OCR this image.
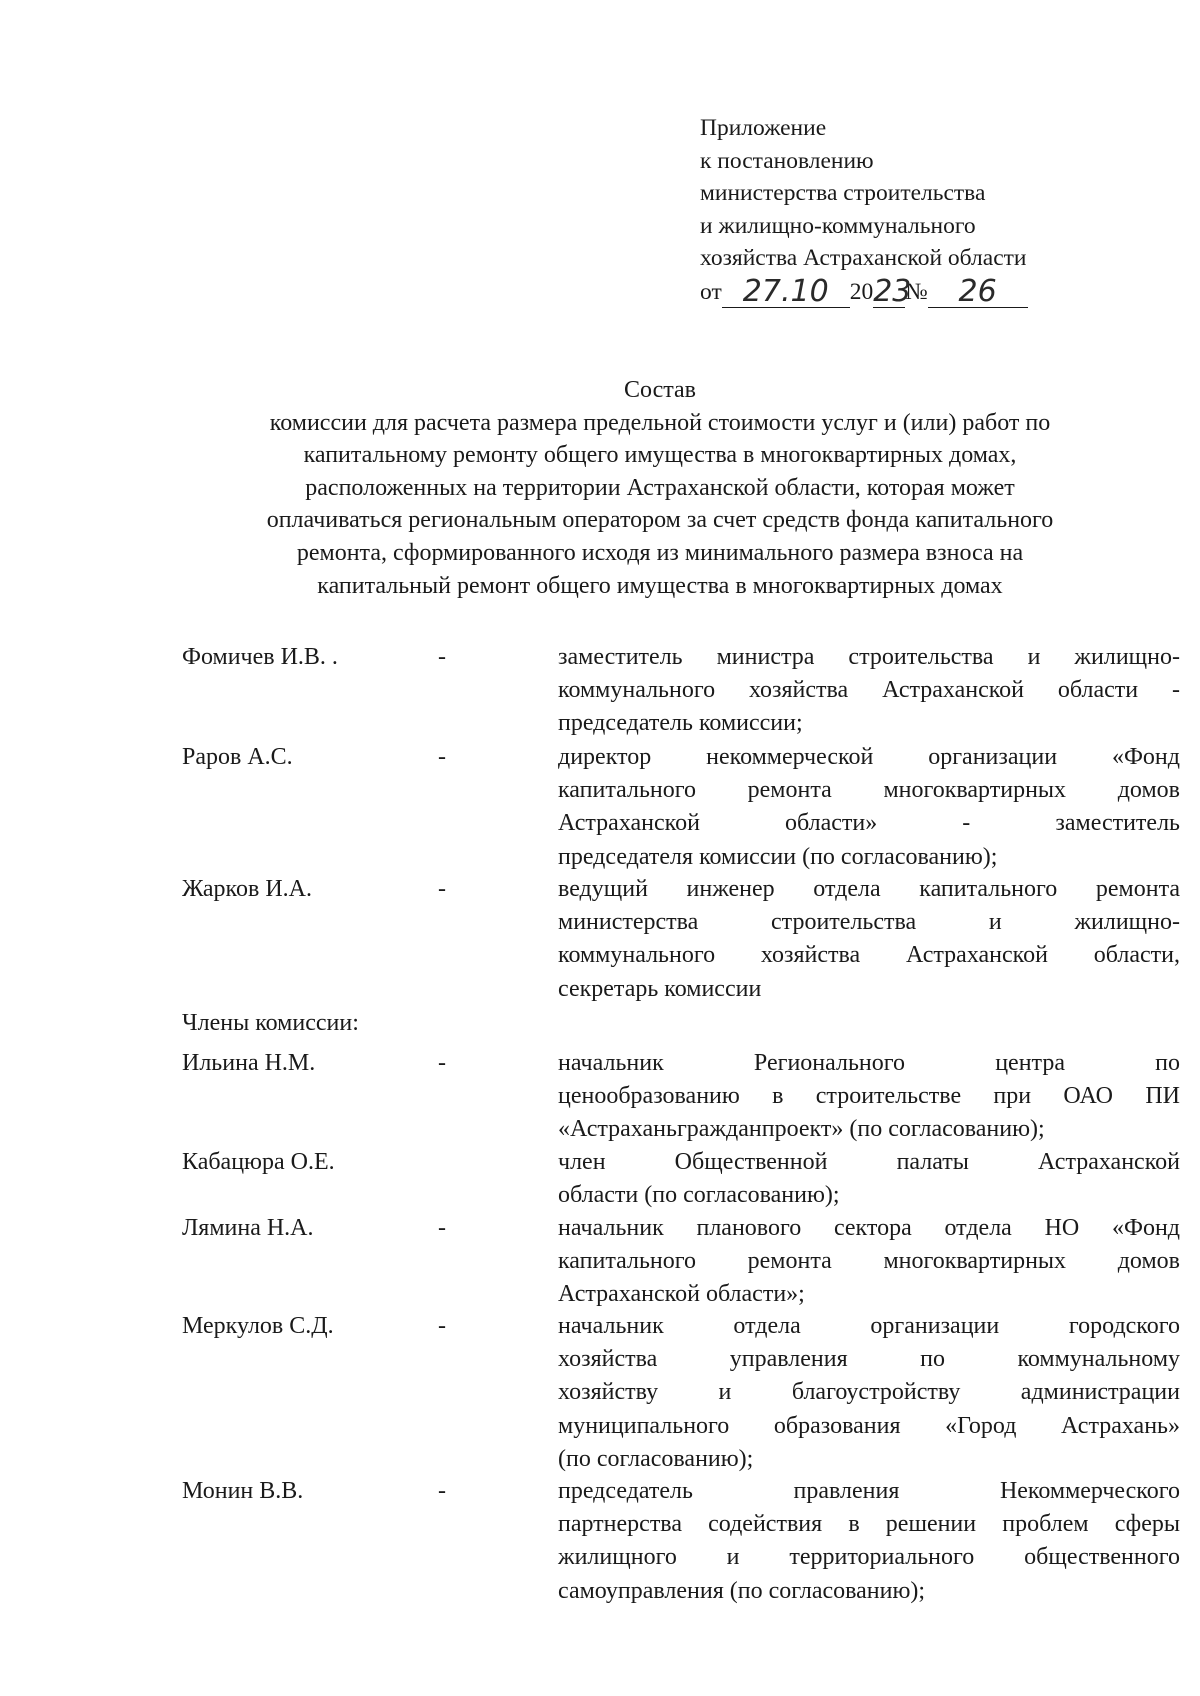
Приложение
к постановлению
министерства строительства
и жилищно-коммунального
хозяйства Астраханской области
от 27.10 2023№ 26
Состав
комиссии для расчета размера предельной стоимости услуг и (или) работ по
капитальному ремонту общего имущества в многоквартирных домах,
расположенных на территории Астраханской области, которая может
оплачиваться региональным оператором за счет средств фонда капитального
ремонта, сформированного исходя из минимального размера взноса на
капитальный ремонт общего имущества в многоквартирных домах
Фомичев И.В. .	-	заместитель министра строительства и жилищно-
коммунального хозяйства Астраханской области -
председатель комиссии;
Раров А.С.	-	директор некоммерческой организации «Фонд
капитального ремонта многоквартирных домов
Астраханской области» - заместитель
председателя комиссии (по согласованию);
Жарков И.А.	-	ведущий инженер отдела капитального ремонта
министерства строительства и жилищно-
коммунального хозяйства Астраханской области,
секретарь комиссии
Члены комиссии:
Ильина Н.М.	-	начальник Регионального центра по
ценообразованию в строительстве при ОАО ПИ
«Астраханьгражданпроект» (по согласованию);
Кабацюра О.Е.	член Общественной палаты Астраханской
области (по согласованию);
Лямина Н.А.	-	начальник планового сектора отдела НО «Фонд
капитального ремонта многоквартирных домов
Астраханской области»;
Меркулов С.Д.	-	начальник отдела организации городского
хозяйства управления по коммунальному
хозяйству и благоустройству администрации
муниципального образования «Город Астрахань»
(по согласованию);
Монин В.В.	-	председатель правления Некоммерческого
партнерства содействия в решении проблем сферы
жилищного и территориального общественного
самоуправления (по согласованию);
